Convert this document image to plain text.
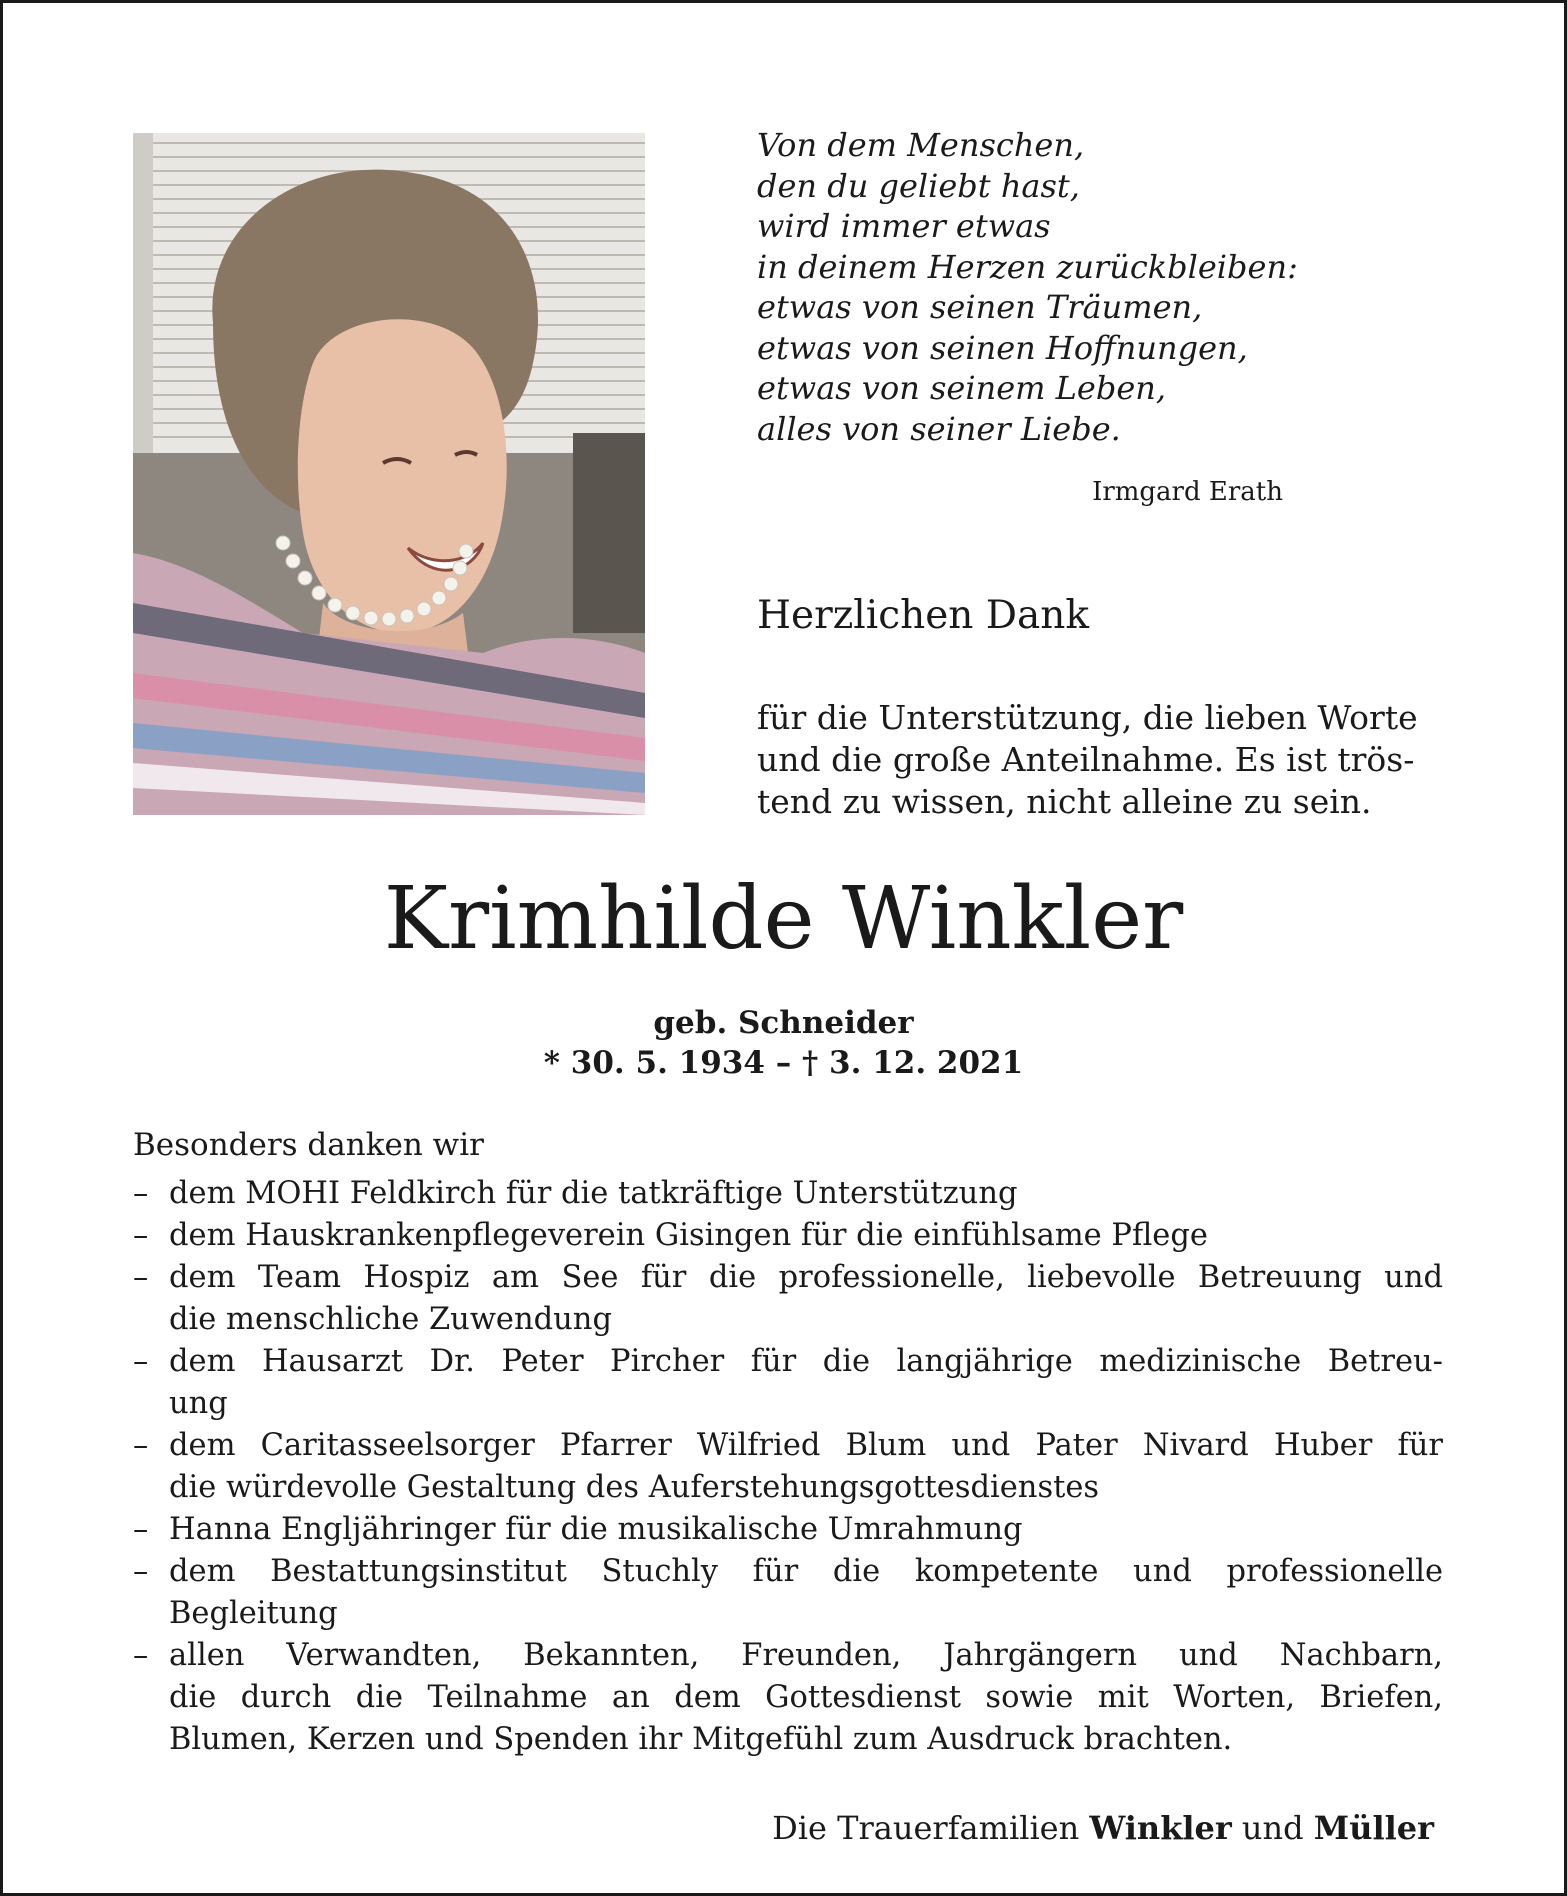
Von dem Menschen,
den du geliebt hast,
wird immer etwas
in deinem Herzen zurückbleiben:
etwas von seinen Träumen,
etwas von seinen Hoffnungen,
etwas von seinem Leben,
alles von seiner Liebe.
Irmgard Erath
Herzlichen Dank
für die Unterstützung, die lieben Worte
und die große Anteilnahme. Es ist trös-
tend zu wissen, nicht alleine zu sein.
Krimhilde Winkler
geb. Schneider
* 30. 5. 1934 – † 3. 12. 2021
Besonders danken wir
– dem MOHI Feldkirch für die tatkräftige Unterstützung
– dem Hauskrankenpflegeverein Gisingen für die einfühlsame Pflege
– dem Team Hospiz am See für die professionelle, liebevolle Betreuung und
die menschliche Zuwendung
– dem Hausarzt Dr. Peter Pircher für die langjährige medizinische Betreu-
ung
– dem Caritasseelsorger Pfarrer Wilfried Blum und Pater Nivard Huber für
die würdevolle Gestaltung des Auferstehungsgottesdienstes
– Hanna Engljähringer für die musikalische Umrahmung
– dem Bestattungsinstitut Stuchly für die kompetente und professionelle
Begleitung
– allen Verwandten, Bekannten, Freunden, Jahrgängern und Nachbarn,
die durch die Teilnahme an dem Gottesdienst sowie mit Worten, Briefen,
Blumen, Kerzen und Spenden ihr Mitgefühl zum Ausdruck brachten.
Die Trauerfamilien Winkler und Müller
